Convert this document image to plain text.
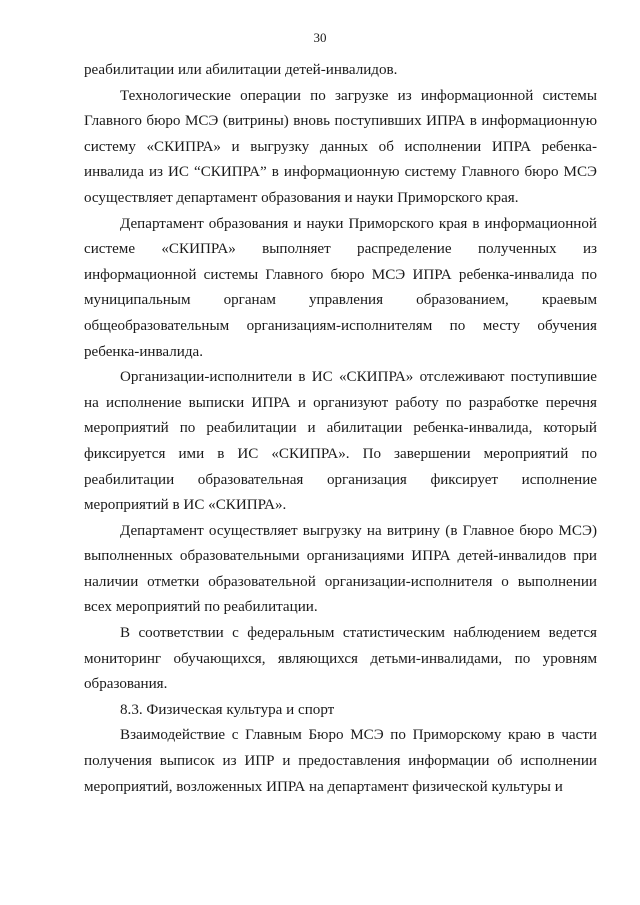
30

реабилитации или абилитации детей-инвалидов.

Технологические операции по загрузке из информационной системы Главного бюро МСЭ (витрины) вновь поступивших ИПРА в информационную систему «СКИПРА» и выгрузку данных об исполнении ИПРА ребенка-инвалида из ИС “СКИПРА” в информационную систему Главного бюро МСЭ осуществляет департамент образования и науки Приморского края.

Департамент образования и науки Приморского края в информационной системе «СКИПРА» выполняет распределение полученных из информационной системы Главного бюро МСЭ ИПРА ребенка-инвалида по муниципальным органам управления образованием, краевым общеобразовательным организациям-исполнителям по месту обучения ребенка-инвалида.

Организации-исполнители в ИС «СКИПРА» отслеживают поступившие на исполнение выписки ИПРА и организуют работу по разработке перечня мероприятий по реабилитации и абилитации ребенка-инвалида, который фиксируется ими в ИС «СКИПРА». По завершении мероприятий по реабилитации образовательная организация фиксирует исполнение мероприятий в ИС «СКИПРА».

Департамент осуществляет выгрузку на витрину (в Главное бюро МСЭ) выполненных образовательными организациями ИПРА детей-инвалидов при наличии отметки образовательной организации-исполнителя о выполнении всех мероприятий по реабилитации.

В соответствии с федеральным статистическим наблюдением ведется мониторинг обучающихся, являющихся детьми-инвалидами, по уровням образования.

8.3. Физическая культура и спорт

Взаимодействие с Главным Бюро МСЭ по Приморскому краю в части получения выписок из ИПР и предоставления информации об исполнении мероприятий, возложенных ИПРА на департамент физической культуры и
